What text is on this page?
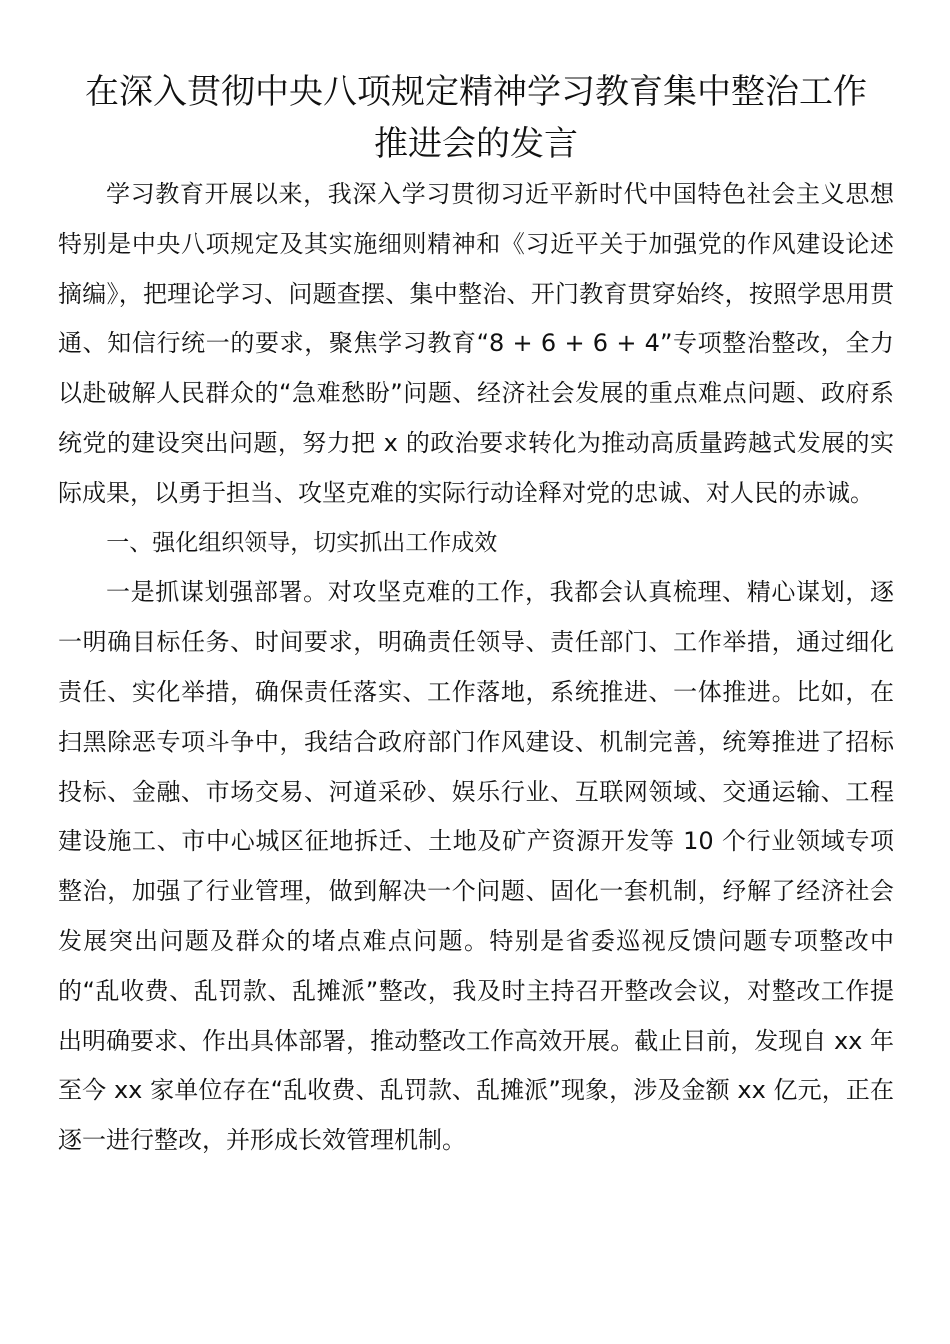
在深入贯彻中央八项规定精神学习教育集中整治工作
推进会的发言

学习教育开展以来，我深入学习贯彻习近平新时代中国特色社会主义思想特别是中央八项规定及其实施细则精神和《习近平关于加强党的作风建设论述摘编》，把理论学习、问题查摆、集中整治、开门教育贯穿始终，按照学思用贯通、知信行统一的要求，聚焦学习教育“8 + 6 + 6 + 4”专项整治整改，全力以赴破解人民群众的“急难愁盼”问题、经济社会发展的重点难点问题、政府系统党的建设突出问题，努力把 x 的政治要求转化为推动高质量跨越式发展的实际成果，以勇于担当、攻坚克难的实际行动诠释对党的忠诚、对人民的赤诚。

一、强化组织领导，切实抓出工作成效

一是抓谋划强部署。对攻坚克难的工作，我都会认真梳理、精心谋划，逐一明确目标任务、时间要求，明确责任领导、责任部门、工作举措，通过细化责任、实化举措，确保责任落实、工作落地，系统推进、一体推进。比如，在扫黑除恶专项斗争中，我结合政府部门作风建设、机制完善，统筹推进了招标投标、金融、市场交易、河道采砂、娱乐行业、互联网领域、交通运输、工程建设施工、市中心城区征地拆迁、土地及矿产资源开发等 10 个行业领域专项整治，加强了行业管理，做到解决一个问题、固化一套机制，纾解了经济社会发展突出问题及群众的堵点难点问题。特别是省委巡视反馈问题专项整改中的“乱收费、乱罚款、乱摊派”整改，我及时主持召开整改会议，对整改工作提出明确要求、作出具体部署，推动整改工作高效开展。截止目前，发现自 xx 年至今 xx 家单位存在“乱收费、乱罚款、乱摊派”现象，涉及金额 xx 亿元，正在逐一进行整改，并形成长效管理机制。
